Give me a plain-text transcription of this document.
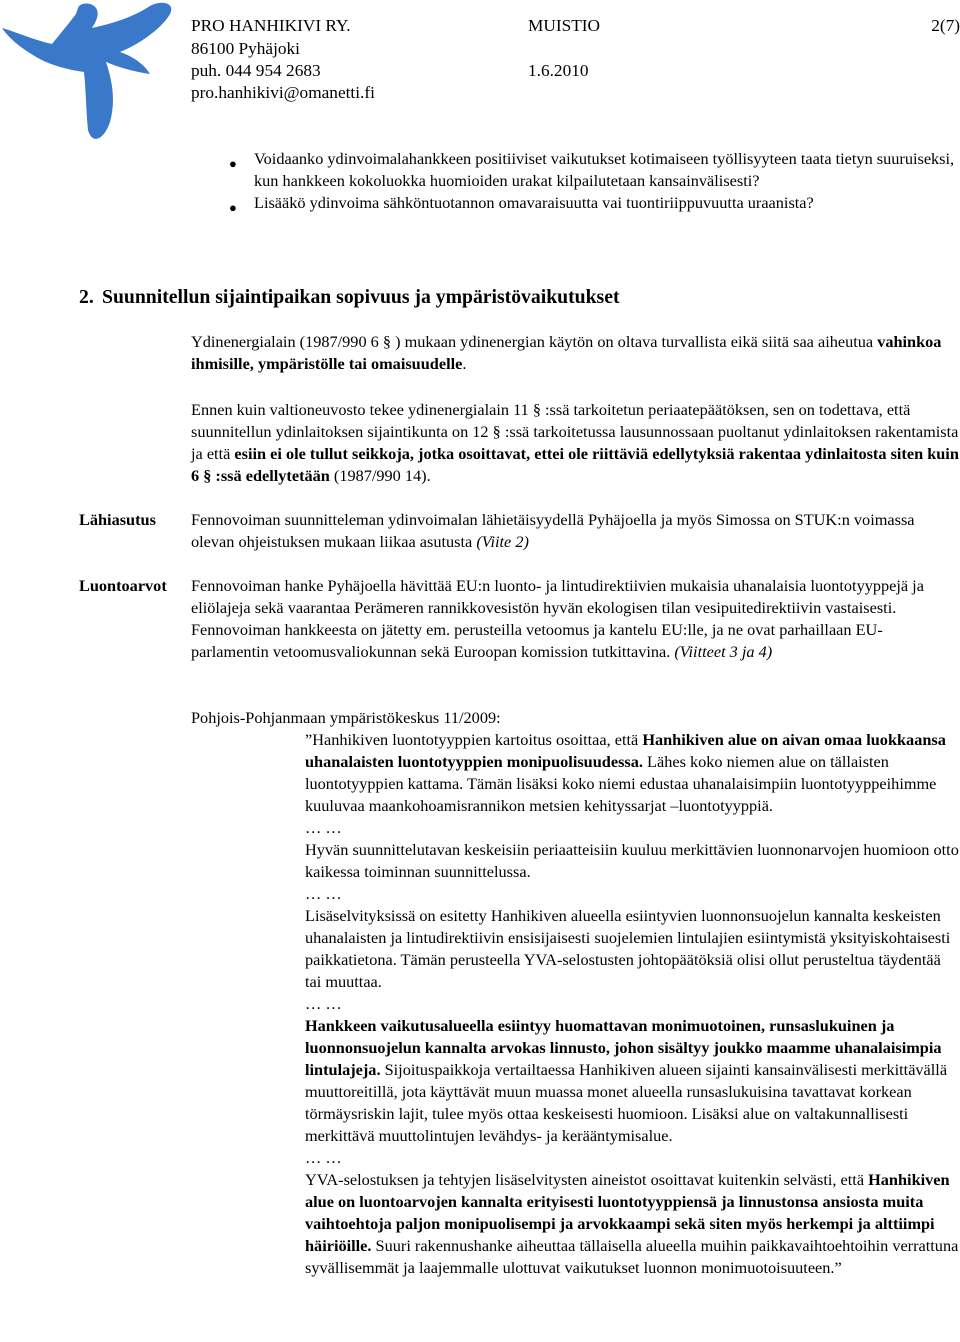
PRO HANHIKIVI RY.	MUISTIO	2(7)
86100 Pyhäjoki
puh. 044 954 2683	1.6.2010
pro.hanhikivi@omanetti.fi
● Voidaanko ydinvoimalahankkeen positiiviset vaikutukset kotimaiseen työllisyyteen taata tietyn suuruiseksi, kun hankkeen kokoluokka huomioiden urakat kilpailutetaan kansainvälisesti?
● Lisääkö ydinvoima sähköntuotannon omavaraisuutta vai tuontiriippuvuutta uraanista?
2. Suunnitellun sijaintipaikan sopivuus ja ympäristövaikutukset

Ydinenergialain (1987/990 6 § ) mukaan ydinenergian käytön on oltava turvallista eikä siitä saa aiheutua vahinkoa ihmisille, ympäristölle tai omaisuudelle.

Ennen kuin valtioneuvosto tekee ydinenergialain 11 § :ssä tarkoitetun periaatepäätöksen, sen on todettava, että suunnitellun ydinlaitoksen sijaintikunta on 12 § :ssä tarkoitetussa lausunnossaan puoltanut ydinlaitoksen rakentamista ja että esiin ei ole tullut seikkoja, jotka osoittavat, ettei ole riittäviä edellytyksiä rakentaa ydinlaitosta siten kuin 6 § :ssä edellytetään (1987/990 14).

Lähiasutus Fennovoiman suunnitteleman ydinvoimalan lähietäisyydellä Pyhäjoella ja myös Simossa on STUK:n voimassa olevan ohjeistuksen mukaan liikaa asutusta (Viite 2)

Luontoarvot Fennovoiman hanke Pyhäjoella hävittää EU:n luonto- ja lintudirektiivien mukaisia uhanalaisia luontotyyppejä ja eliölajeja sekä vaarantaa Perämeren rannikkovesistön hyvän ekologisen tilan vesipuitedirektiivin vastaisesti. Fennovoiman hankkeesta on jätetty em. perusteilla vetoomus ja kantelu EU:lle, ja ne ovat parhaillaan EU-parlamentin vetoomusvaliokunnan sekä Euroopan komission tutkittavina. (Viitteet 3 ja 4)

Pohjois-Pohjanmaan ympäristökeskus 11/2009:

”Hanhikiven luontotyyppien kartoitus osoittaa, että Hanhikiven alue on aivan omaa luokkaansa uhanalaisten luontotyyppien monipuolisuudessa. Lähes koko niemen alue on tällaisten luontotyyppien kattama. Tämän lisäksi koko niemi edustaa uhanalaisimpiin luontotyyppeihimme kuuluvaa maankohoamisrannikon metsien kehityssarjat –luontotyyppiä.

… …

Hyvän suunnittelutavan keskeisiin periaatteisiin kuuluu merkittävien luonnonarvojen huomioon otto kaikessa toiminnan suunnittelussa.

… …

Lisäselvityksissä on esitetty Hanhikiven alueella esiintyvien luonnonsuojelun kannalta keskeisten uhanalaisten ja lintudirektiivin ensisijaisesti suojelemien lintulajien esiintymistä yksityiskohtaisesti paikkatietona. Tämän perusteella YVA-selostusten johtopäätöksiä olisi ollut perusteltua täydentää tai muuttaa.

… …

Hankkeen vaikutusalueella esiintyy huomattavan monimuotoinen, runsaslukuinen ja luonnonsuojelun kannalta arvokas linnusto, johon sisältyy joukko maamme uhanalaisimpia lintulajeja. Sijoituspaikkoja vertailtaessa Hanhikiven alueen sijainti kansainvälisesti merkittävällä muuttoreitillä, jota käyttävät muun muassa monet alueella runsaslukuisina tavattavat korkean törmäysriskin lajit, tulee myös ottaa keskeisesti huomioon. Lisäksi alue on valtakunnallisesti merkittävä muuttolintujen levähdys- ja kerääntymisalue.

… …

YVA-selostuksen ja tehtyjen lisäselvitysten aineistot osoittavat kuitenkin selvästi, että Hanhikiven alue on luontoarvojen kannalta erityisesti luontotyyppiensä ja linnustonsa ansiosta muita vaihtoehtoja paljon monipuolisempi ja arvokkaampi sekä siten myös herkempi ja alttiimpi häiriöille. Suuri rakennushanke aiheuttaa tällaisella alueella muihin paikkavaihtoehtoihin verrattuna syvällisemmät ja laajemmalle ulottuvat vaikutukset luonnon monimuotoisuuteen.”
